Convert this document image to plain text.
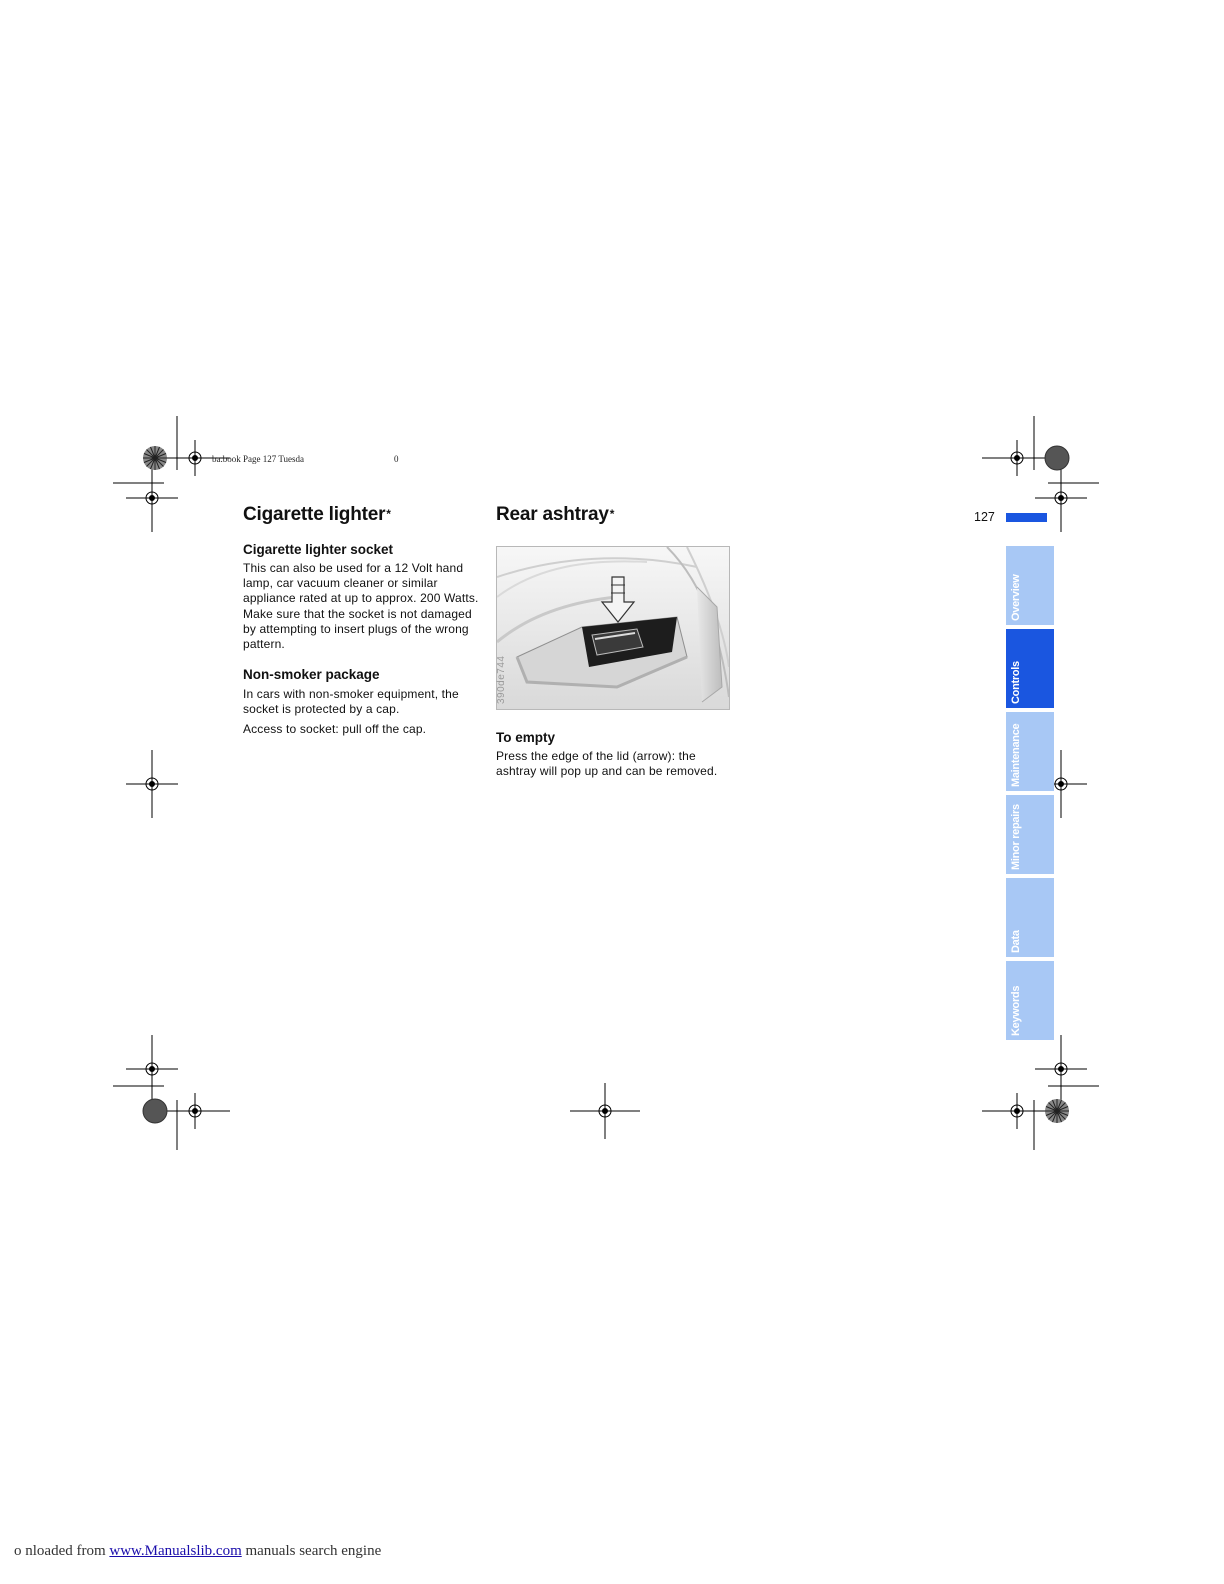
ba.book Page 127 Tuesda	0
Cigarette lighter*
Cigarette lighter socket

This can also be used for a 12 Volt hand lamp, car vacuum cleaner or similar appliance rated at up to approx. 200 Watts. Make sure that the socket is not damaged by attempting to insert plugs of the wrong pattern.

Non-smoker package

In cars with non-smoker equipment, the socket is protected by a cap.

Access to socket: pull off the cap.

Rear ashtray*
390de744
To empty

Press the edge of the lid (arrow): the ashtray will pop up and can be removed.

127
Overview
Controls
Maintenance
Minor repairs
Data
Keywords
o nloaded from www.Manualslib.com manuals search engine
